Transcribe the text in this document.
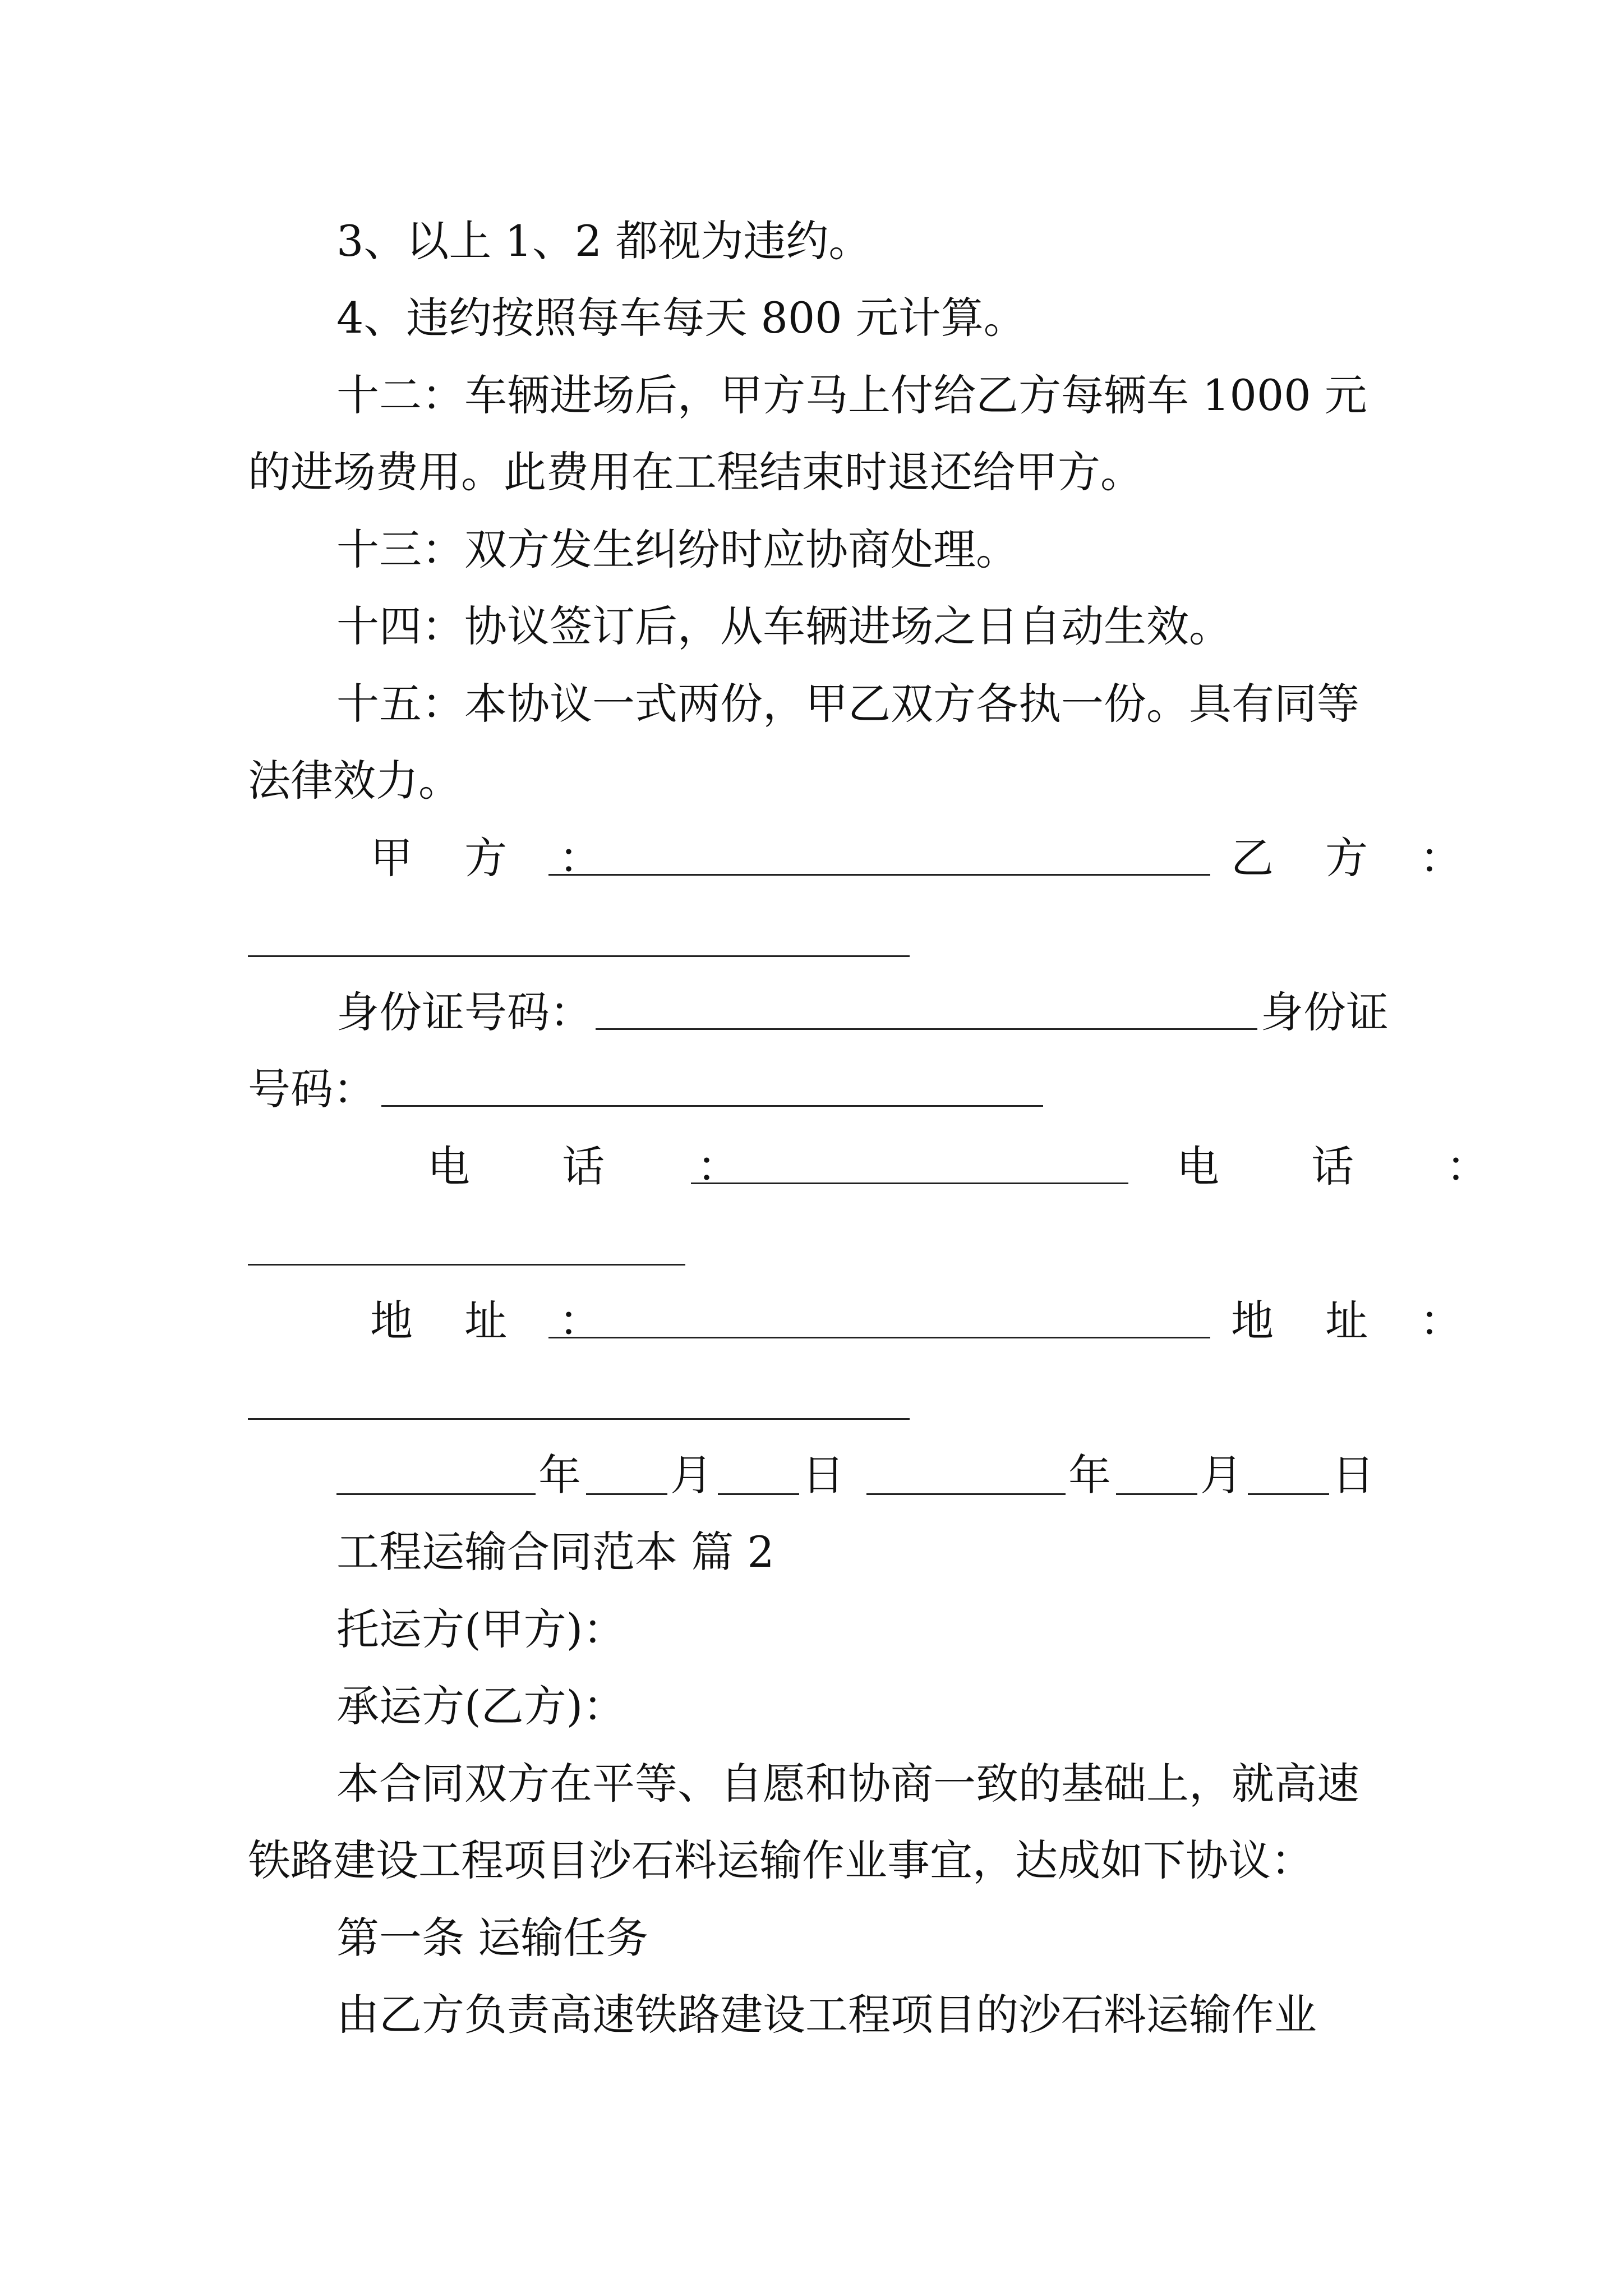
3、以上 1、2 都视为违约。
4、违约按照每车每天 800 元计算。
十二：车辆进场后，甲方马上付给乙方每辆车 1000 元
的进场费用。此费用在工程结束时退还给甲方。
十三：双方发生纠纷时应协商处理。
十四：协议签订后，从车辆进场之日自动生效。
十五：本协议一式两份，甲乙双方各执一份。具有同等
法律效力。
甲 方 ：	乙 方 ：
身份证号码：	身份证
号码：
电 话 ：	电 话 ：
地 址 ：	地 址 ：
年 月 日	年 月 日
工程运输合同范本 篇 2
托运方(甲方)：
承运方(乙方)：
本合同双方在平等、自愿和协商一致的基础上，就高速
铁路建设工程项目沙石料运输作业事宜，达成如下协议：
第一条 运输任务
由乙方负责高速铁路建设工程项目的沙石料运输作业
